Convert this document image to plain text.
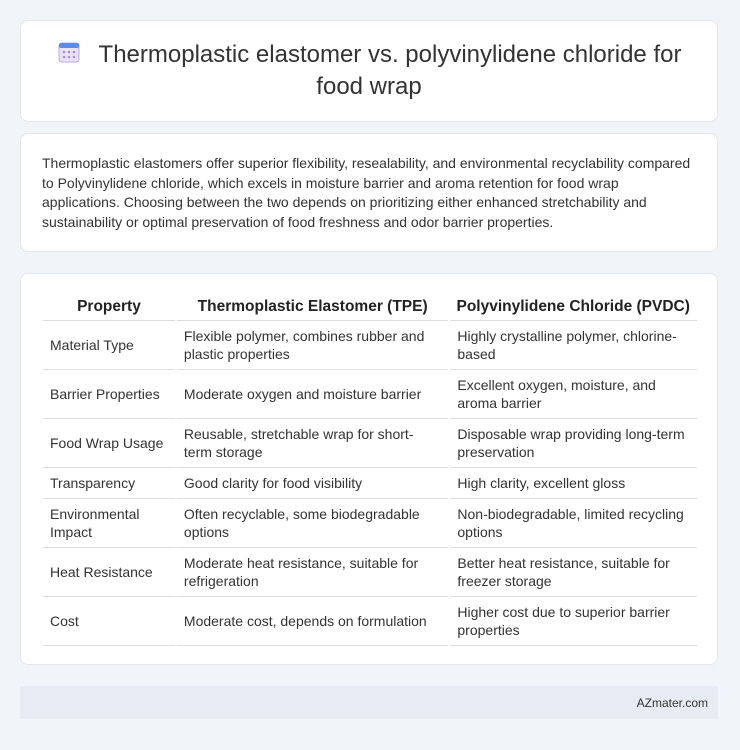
Thermoplastic elastomer vs. polyvinylidene chloride for food wrap

Thermoplastic elastomers offer superior flexibility, resealability, and environmental recyclability compared to Polyvinylidene chloride, which excels in moisture barrier and aroma retention for food wrap applications. Choosing between the two depends on prioritizing either enhanced stretchability and sustainability or optimal preservation of food freshness and odor barrier properties.

Property	Thermoplastic Elastomer (TPE)	Polyvinylidene Chloride (PVDC)
Material Type	Flexible polymer, combines rubber and plastic properties	Highly crystalline polymer, chlorine-based
Barrier Properties	Moderate oxygen and moisture barrier	Excellent oxygen, moisture, and aroma barrier
Food Wrap Usage	Reusable, stretchable wrap for short-term storage	Disposable wrap providing long-term preservation
Transparency	Good clarity for food visibility	High clarity, excellent gloss
Environmental Impact	Often recyclable, some biodegradable options	Non-biodegradable, limited recycling options
Heat Resistance	Moderate heat resistance, suitable for refrigeration	Better heat resistance, suitable for freezer storage
Cost	Moderate cost, depends on formulation	Higher cost due to superior barrier properties
AZmater.com
